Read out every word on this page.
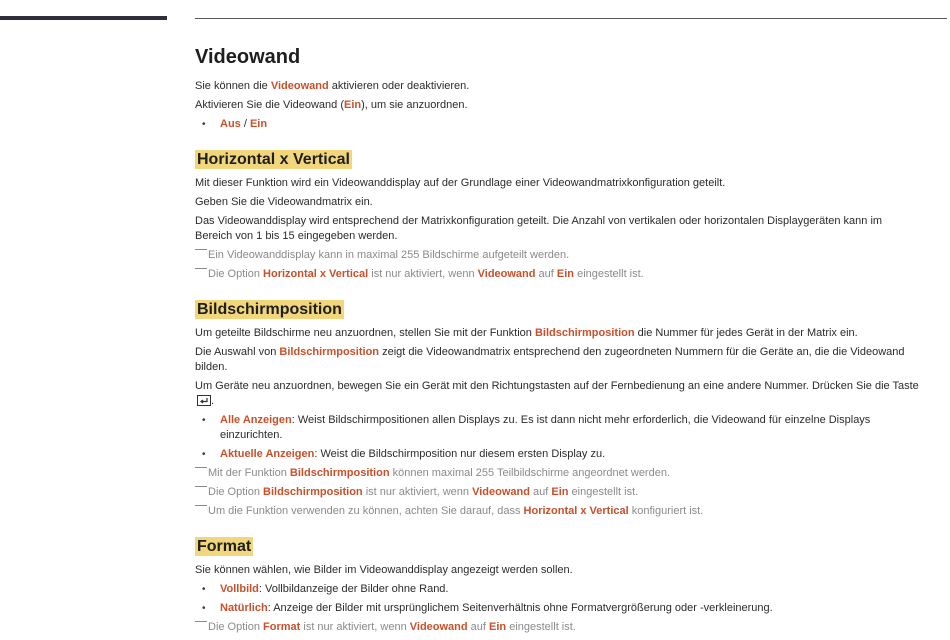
Videowand

Sie können die Videowand aktivieren oder deaktivieren.

Aktivieren Sie die Videowand (Ein), um sie anzuordnen.

• Aus / Ein
Horizontal x Vertical

Mit dieser Funktion wird ein Videowanddisplay auf der Grundlage einer Videowandmatrixkonfiguration geteilt.

Geben Sie die Videowandmatrix ein.

Das Videowanddisplay wird entsprechend der Matrixkonfiguration geteilt. Die Anzahl von vertikalen oder horizontalen Displaygeräten kann im Bereich von 1 bis 15 eingegeben werden.

Ein Videowanddisplay kann in maximal 255 Bildschirme aufgeteilt werden.

Die Option Horizontal x Vertical ist nur aktiviert, wenn Videowand auf Ein eingestellt ist.

Bildschirmposition

Um geteilte Bildschirme neu anzuordnen, stellen Sie mit der Funktion Bildschirmposition die Nummer für jedes Gerät in der Matrix ein.

Die Auswahl von Bildschirmposition zeigt die Videowandmatrix entsprechend den zugeordneten Nummern für die Geräte an, die die Videowand bilden.

Um Geräte neu anzuordnen, bewegen Sie ein Gerät mit den Richtungstasten auf der Fernbedienung an eine andere Nummer. Drücken Sie die Taste .

• Alle Anzeigen: Weist Bildschirmpositionen allen Displays zu. Es ist dann nicht mehr erforderlich, die Videowand für einzelne Displays einzurichten.
• Aktuelle Anzeigen: Weist die Bildschirmposition nur diesem ersten Display zu.

Mit der Funktion Bildschirmposition können maximal 255 Teilbildschirme angeordnet werden.

Die Option Bildschirmposition ist nur aktiviert, wenn Videowand auf Ein eingestellt ist.

Um die Funktion verwenden zu können, achten Sie darauf, dass Horizontal x Vertical konfiguriert ist.

Format

Sie können wählen, wie Bilder im Videowanddisplay angezeigt werden sollen.

• Vollbild: Vollbildanzeige der Bilder ohne Rand.
• Natürlich: Anzeige der Bilder mit ursprünglichem Seitenverhältnis ohne Formatvergrößerung oder -verkleinerung.

Die Option Format ist nur aktiviert, wenn Videowand auf Ein eingestellt ist.
